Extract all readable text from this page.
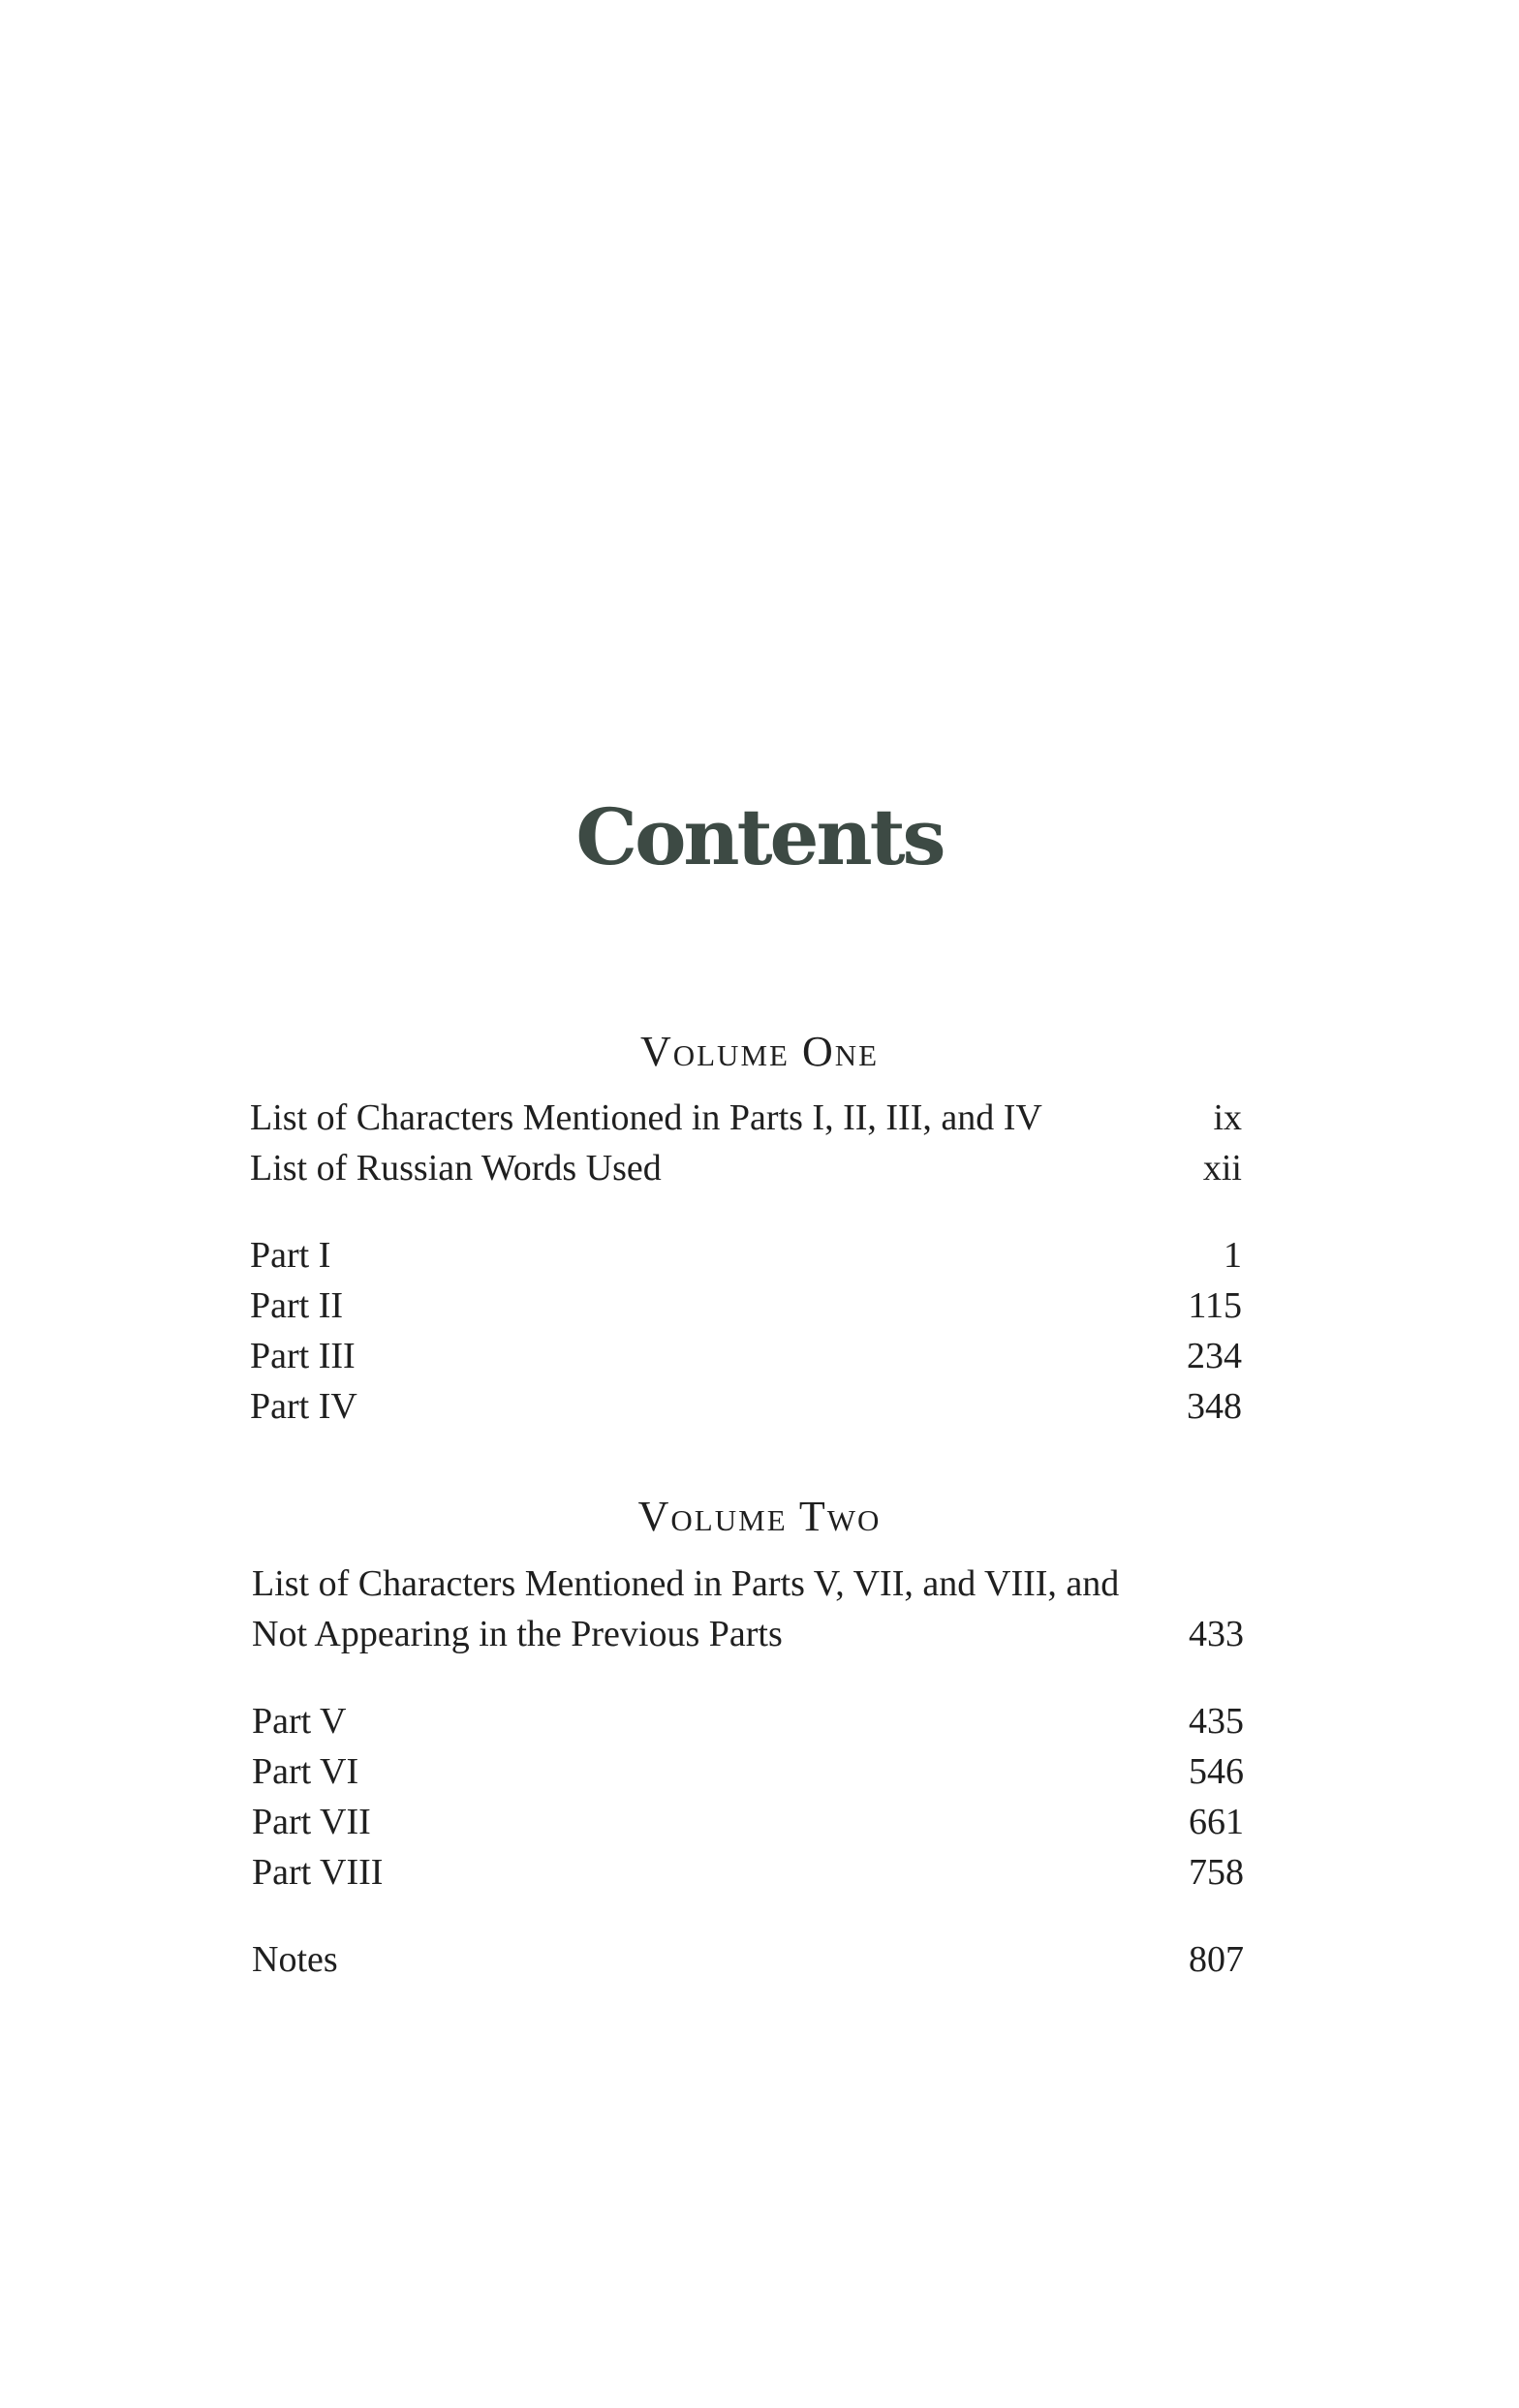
Contents
Volume One
List of Characters Mentioned in Parts I, II, III, and IV	ix
List of Russian Words Used	xii
Part I	1
Part II	115
Part III	234
Part IV	348
Volume Two
List of Characters Mentioned in Parts V, VII, and VIII, and
Not Appearing in the Previous Parts	433
Part V	435
Part VI	546
Part VII	661
Part VIII	758
Notes	807
